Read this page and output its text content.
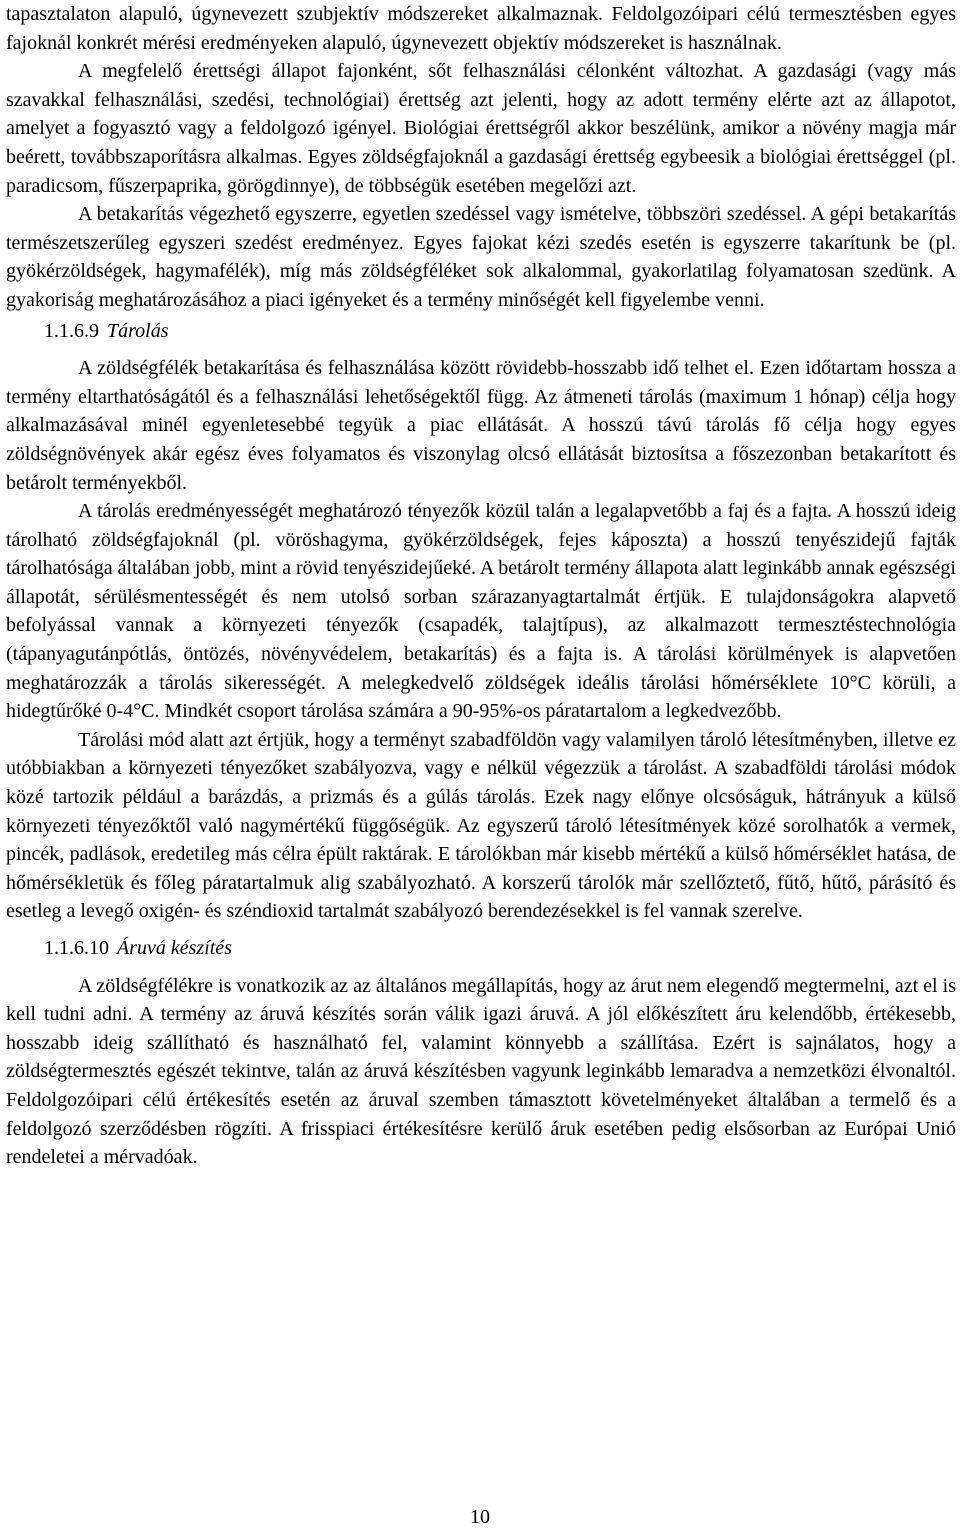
tapasztalaton alapuló, úgynevezett szubjektív módszereket alkalmaznak. Feldolgozóipari célú termesztésben egyes fajoknál konkrét mérési eredményeken alapuló, úgynevezett objektív módszereket is használnak.

A megfelelő érettségi állapot fajonként, sőt felhasználási célonként változhat. A gazdasági (vagy más szavakkal felhasználási, szedési, technológiai) érettség azt jelenti, hogy az adott termény elérte azt az állapotot, amelyet a fogyasztó vagy a feldolgozó igényel. Biológiai érettségről akkor beszélünk, amikor a növény magja már beérett, továbbszaporításra alkalmas. Egyes zöldségfajoknál a gazdasági érettség egybeesik a biológiai érettséggel (pl. paradicsom, fűszerpaprika, görögdinnye), de többségük esetében megelőzi azt.

A betakarítás végezhető egyszerre, egyetlen szedéssel vagy ismételve, többszöri szedéssel. A gépi betakarítás természetszerűleg egyszeri szedést eredményez. Egyes fajokat kézi szedés esetén is egyszerre takarítunk be (pl. gyökérzöldségek, hagymafélék), míg más zöldségféléket sok alkalommal, gyakorlatilag folyamatosan szedünk. A gyakoriság meghatározásához a piaci igényeket és a termény minőségét kell figyelembe venni.

1.1.6.9 Tárolás

A zöldségfélék betakarítása és felhasználása között rövidebb-hosszabb idő telhet el. Ezen időtartam hossza a termény eltarthatóságától és a felhasználási lehetőségektől függ. Az átmeneti tárolás (maximum 1 hónap) célja hogy alkalmazásával minél egyenletesebbé tegyük a piac ellátását. A hosszú távú tárolás fő célja hogy egyes zöldségnövények akár egész éves folyamatos és viszonylag olcsó ellátását biztosítsa a főszezonban betakarított és betárolt terményekből.

A tárolás eredményességét meghatározó tényezők közül talán a legalapvetőbb a faj és a fajta. A hosszú ideig tárolható zöldségfajoknál (pl. vöröshagyma, gyökérzöldségek, fejes káposzta) a hosszú tenyészidejű fajták tárolhatósága általában jobb, mint a rövid tenyészidejűeké. A betárolt termény állapota alatt leginkább annak egészségi állapotát, sérülésmentességét és nem utolsó sorban szárazanyagtartalmát értjük. E tulajdonságokra alapvető befolyással vannak a környezeti tényezők (csapadék, talajtípus), az alkalmazott termesztéstechnológia (tápanyagutánpótlás, öntözés, növényvédelem, betakarítás) és a fajta is. A tárolási körülmények is alapvetően meghatározzák a tárolás sikerességét. A melegkedvelő zöldségek ideális tárolási hőmérséklete 10°C körüli, a hidegtűrőké 0-4°C. Mindkét csoport tárolása számára a 90-95%-os páratartalom a legkedvezőbb.

Tárolási mód alatt azt értjük, hogy a terményt szabadföldön vagy valamilyen tároló létesítményben, illetve ez utóbbiakban a környezeti tényezőket szabályozva, vagy e nélkül végezzük a tárolást. A szabadföldi tárolási módok közé tartozik például a barázdás, a prizmás és a gúlás tárolás. Ezek nagy előnye olcsóságuk, hátrányuk a külső környezeti tényezőktől való nagymértékű függőségük. Az egyszerű tároló létesítmények közé sorolhatók a vermek, pincék, padlások, eredetileg más célra épült raktárak. E tárolókban már kisebb mértékű a külső hőmérséklet hatása, de hőmérsékletük és főleg páratartalmuk alig szabályozható. A korszerű tárolók már szellőztető, fűtő, hűtő, párásító és esetleg a levegő oxigén- és széndioxid tartalmát szabályozó berendezésekkel is fel vannak szerelve.

1.1.6.10 Áruvá készítés

A zöldségfélékre is vonatkozik az az általános megállapítás, hogy az árut nem elegendő megtermelni, azt el is kell tudni adni. A termény az áruvá készítés során válik igazi áruvá. A jól előkészített áru kelendőbb, értékesebb, hosszabb ideig szállítható és használható fel, valamint könnyebb a szállítása. Ezért is sajnálatos, hogy a zöldségtermesztés egészét tekintve, talán az áruvá készítésben vagyunk leginkább lemaradva a nemzetközi élvonaltól. Feldolgozóipari célú értékesítés esetén az áruval szemben támasztott követelményeket általában a termelő és a feldolgozó szerződésben rögzíti. A frisspiaci értékesítésre kerülő áruk esetében pedig elsősorban az Európai Unió rendeletei a mérvadóak.

10
